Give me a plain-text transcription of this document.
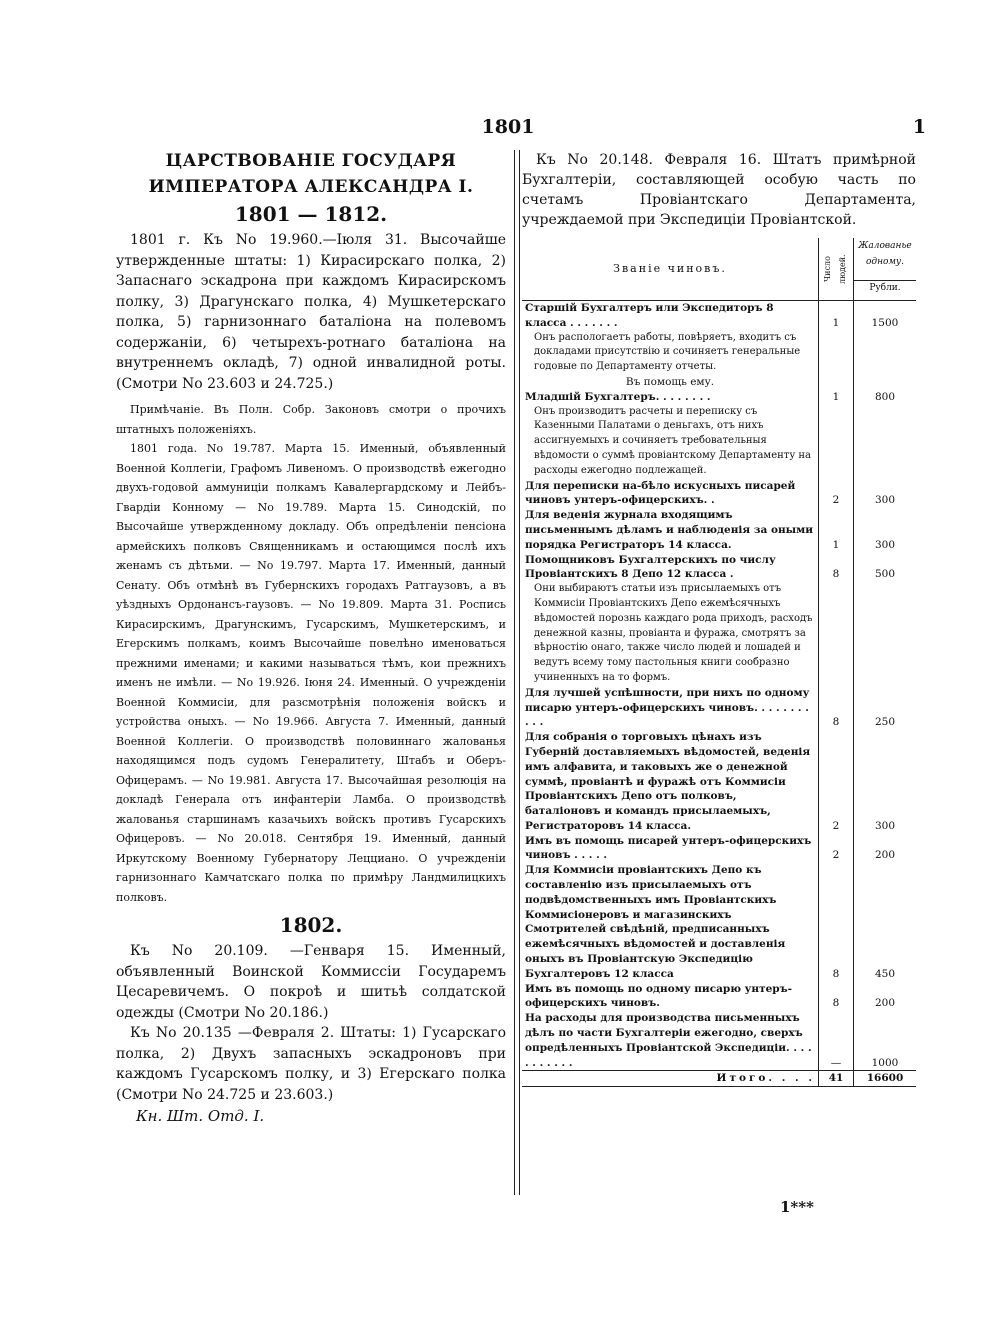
1801	1
ЦАРСТВОВАНІЕ ГОСУДАРЯ ИМПЕРАТОРА АЛЕКСАНДРА I.
1801 — 1812.

1801 г. Къ No 19.960.—Іюля 31. Высочайше утвержденные штаты: 1) Кирасирскаго полка, 2) Запаснаго эскадрона при каждомъ Кирасирскомъ полку, 3) Драгунскаго полка, 4) Мушкетерскаго полка, 5) гарнизоннаго баталіона на полевомъ содержаніи, 6) четырехъ-ротнаго баталіона на внутреннемъ окладѣ, 7) одной инвалидной роты. (Смотри No 23.603 и 24.725.)

Примѣчаніе. Въ Полн. Собр. Законовъ смотри о прочихъ штатныхъ положеніяхъ.

1801 года. No 19.787. Марта 15. Именный, объявленный Военной Коллегіи, Графомъ Ливеномъ. О производствѣ ежегодно двухъ-годовой аммуниціи полкамъ Кавалергардскому и Лейбъ-Гвардіи Конному — No 19.789. Марта 15. Синодскій, по Высочайше утвержденному докладу. Объ опредѣленіи пенсіона армейскихъ полковъ Священникамъ и остающимся послѣ ихъ женамъ съ дѣтьми. — No 19.797. Марта 17. Именный, данный Сенату. Объ отмѣнѣ въ Губернскихъ городахъ Ратгаузовъ, а въ уѣздныхъ Ордонансъ-гаузовъ. — No 19.809. Марта 31. Роспись Кирасирскимъ, Драгунскимъ, Гусарскимъ, Мушкетерскимъ, и Егерскимъ полкамъ, коимъ Высочайше повелѣно именоваться прежними именами; и какими называться тѣмъ, кои прежнихъ именъ не имѣли. — No 19.926. Іюня 24. Именный. О учрежденіи Военной Коммисіи, для разсмотрѣнія положенія войскъ и устройства оныхъ. — No 19.966. Августа 7. Именный, данный Военной Коллегіи. О производствѣ половиннаго жалованья находящимся подъ судомъ Генералитету, Штабъ и Оберъ-Офицерамъ. — No 19.981. Августа 17. Высочайшая резолюція на докладѣ Генерала отъ инфантеріи Ламба. О производствѣ жалованья старшинамъ казачьихъ войскъ противъ Гусарскихъ Офицеровъ. — No 20.018. Сентября 19. Именный, данный Иркутскому Военному Губернатору Лецциано. О учрежденіи гарнизоннаго Камчатскаго полка по примѣру Ландмилицкихъ полковъ.

1802.

Къ No 20.109. —Генваря 15. Именный, объявленный Воинской Коммиссіи Государемъ Цесаревичемъ. О покроѣ и шитьѣ солдатской одежды (Смотри No 20.186.)

Къ No 20.135 —Февраля 2. Штаты: 1) Гусарскаго полка, 2) Двухъ запасныхъ эскадроновъ при каждомъ Гусарскомъ полку, и 3) Егерскаго полка (Смотри No 24.725 и 23.603.)

Кн. Шт. Отд. I.

Къ No 20.148. Февраля 16. Штатъ примѣрной Бухгалтеріи, составляющей особую часть по счетамъ Провіантскаго Департамента, учреждаемой при Экспедиціи Провіантской.

Званіе чиновъ.	Число людей.	Жалованье одному.
		Рубли.
Старшій Бухгалтеръ или Экспедиторъ 8 класса . . . . . . .	1	1500
Онъ распологаетъ работы, повѣряетъ, входитъ съ докладами присутствію и сочиняетъ генеральные годовые по Департаменту отчеты.		
Въ помощь ему.		
Младшій Бухгалтеръ. . . . . . . .	1	800
Онъ производитъ расчеты и переписку съ Казенными Палатами о деньгахъ, отъ нихъ ассигнуемыхъ и сочиняетъ требовательныя вѣдомости о суммѣ провіантскому Департаменту на расходы ежегодно подлежащей.		
Для переписки на-бѣло искусныхъ писарей чиновъ унтеръ-офицерскихъ. .	2	300
Для веденія журнала входящимъ письменнымъ дѣламъ и наблюденія за оными порядка Регистраторъ 14 класса.	1	300
Помощниковъ Бухгалтерскихъ по числу Провіантскихъ 8 Депо 12 класса .	8	500
Они выбираютъ статьи изъ присылаемыхъ отъ Коммисіи Провіантскихъ Депо ежемѣсячныхъ вѣдомостей порознь каждаго рода приходъ, расходъ денежной казны, провіанта и фуража, смотрятъ за вѣрностію онаго, также число людей и лошадей и ведутъ всему тому пастольныя книги сообразно учиненныхъ на то формъ.		
Для лучшей успѣшности, при нихъ по одному писарю унтеръ-офицерскихъ чиновъ. . . . . . . . . . .	8	250
Для собранія о торговыхъ цѣнахъ изъ Губерній доставляемыхъ вѣдомостей, веденія имъ алфавита, и таковыхъ же о денежной суммѣ, провіантѣ и фуражѣ отъ Коммисіи Провіантскихъ Депо отъ полковъ, баталіоновъ и командъ присылаемыхъ, Регистраторовъ 14 класса.	2	300
Имъ въ помощь писарей унтеръ-офицерскихъ чиновъ . . . . .	2	200
Для Коммисіи провіантскихъ Депо къ составленію изъ присылаемыхъ отъ подвѣдомственныхъ имъ Провіантскихъ Коммисіонеровъ и магазинскихъ Смотрителей свѣдѣній, предписанныхъ ежемѣсячныхъ вѣдомостей и доставленія оныхъ въ Провіантскую Экспедицію Бухгалтеровъ 12 класса	8	450
Имъ въ помощь по одному писарю унтеръ-офицерскихъ чиновъ.	8	200
На расходы для производства письменныхъ дѣлъ по части Бухгалтеріи ежегодно, сверхъ опредѣленныхъ Провіантской Экспедиціи. . . . . . . . . . .	—	1000
Итого. . . .	41	16600
1***
